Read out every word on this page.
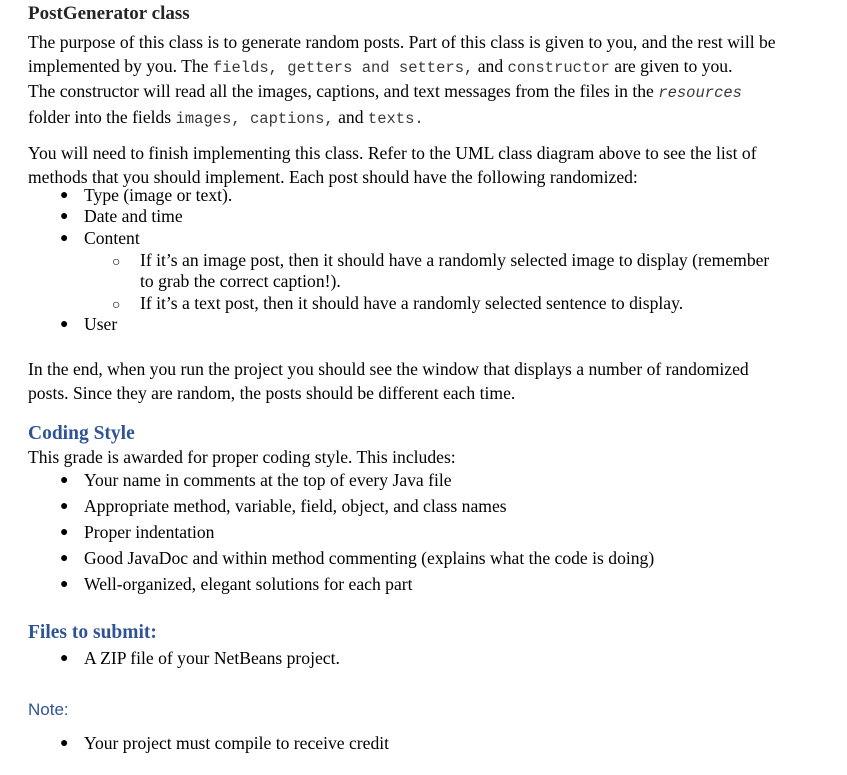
PostGenerator class

The purpose of this class is to generate random posts. Part of this class is given to you, and the rest will be
implemented by you. The fields, getters and setters, and constructor are given to you.
The constructor will read all the images, captions, and text messages from the files in the resources
folder into the fields images, captions, and texts.

You will need to finish implementing this class. Refer to the UML class diagram above to see the list of
methods that you should implement. Each post should have the following randomized:

● Type (image or text).
● Date and time
● Content
○ If it’s an image post, then it should have a randomly selected image to display (remember
to grab the correct caption!).
○ If it’s a text post, then it should have a randomly selected sentence to display.
● User

In the end, when you run the project you should see the window that displays a number of randomized
posts. Since they are random, the posts should be different each time.

Coding Style
This grade is awarded for proper coding style. This includes:
● Your name in comments at the top of every Java file
● Appropriate method, variable, field, object, and class names
● Proper indentation
● Good JavaDoc and within method commenting (explains what the code is doing)
● Well-organized, elegant solutions for each part
Files to submit:
● A ZIP file of your NetBeans project.
Note:
● Your project must compile to receive credit
